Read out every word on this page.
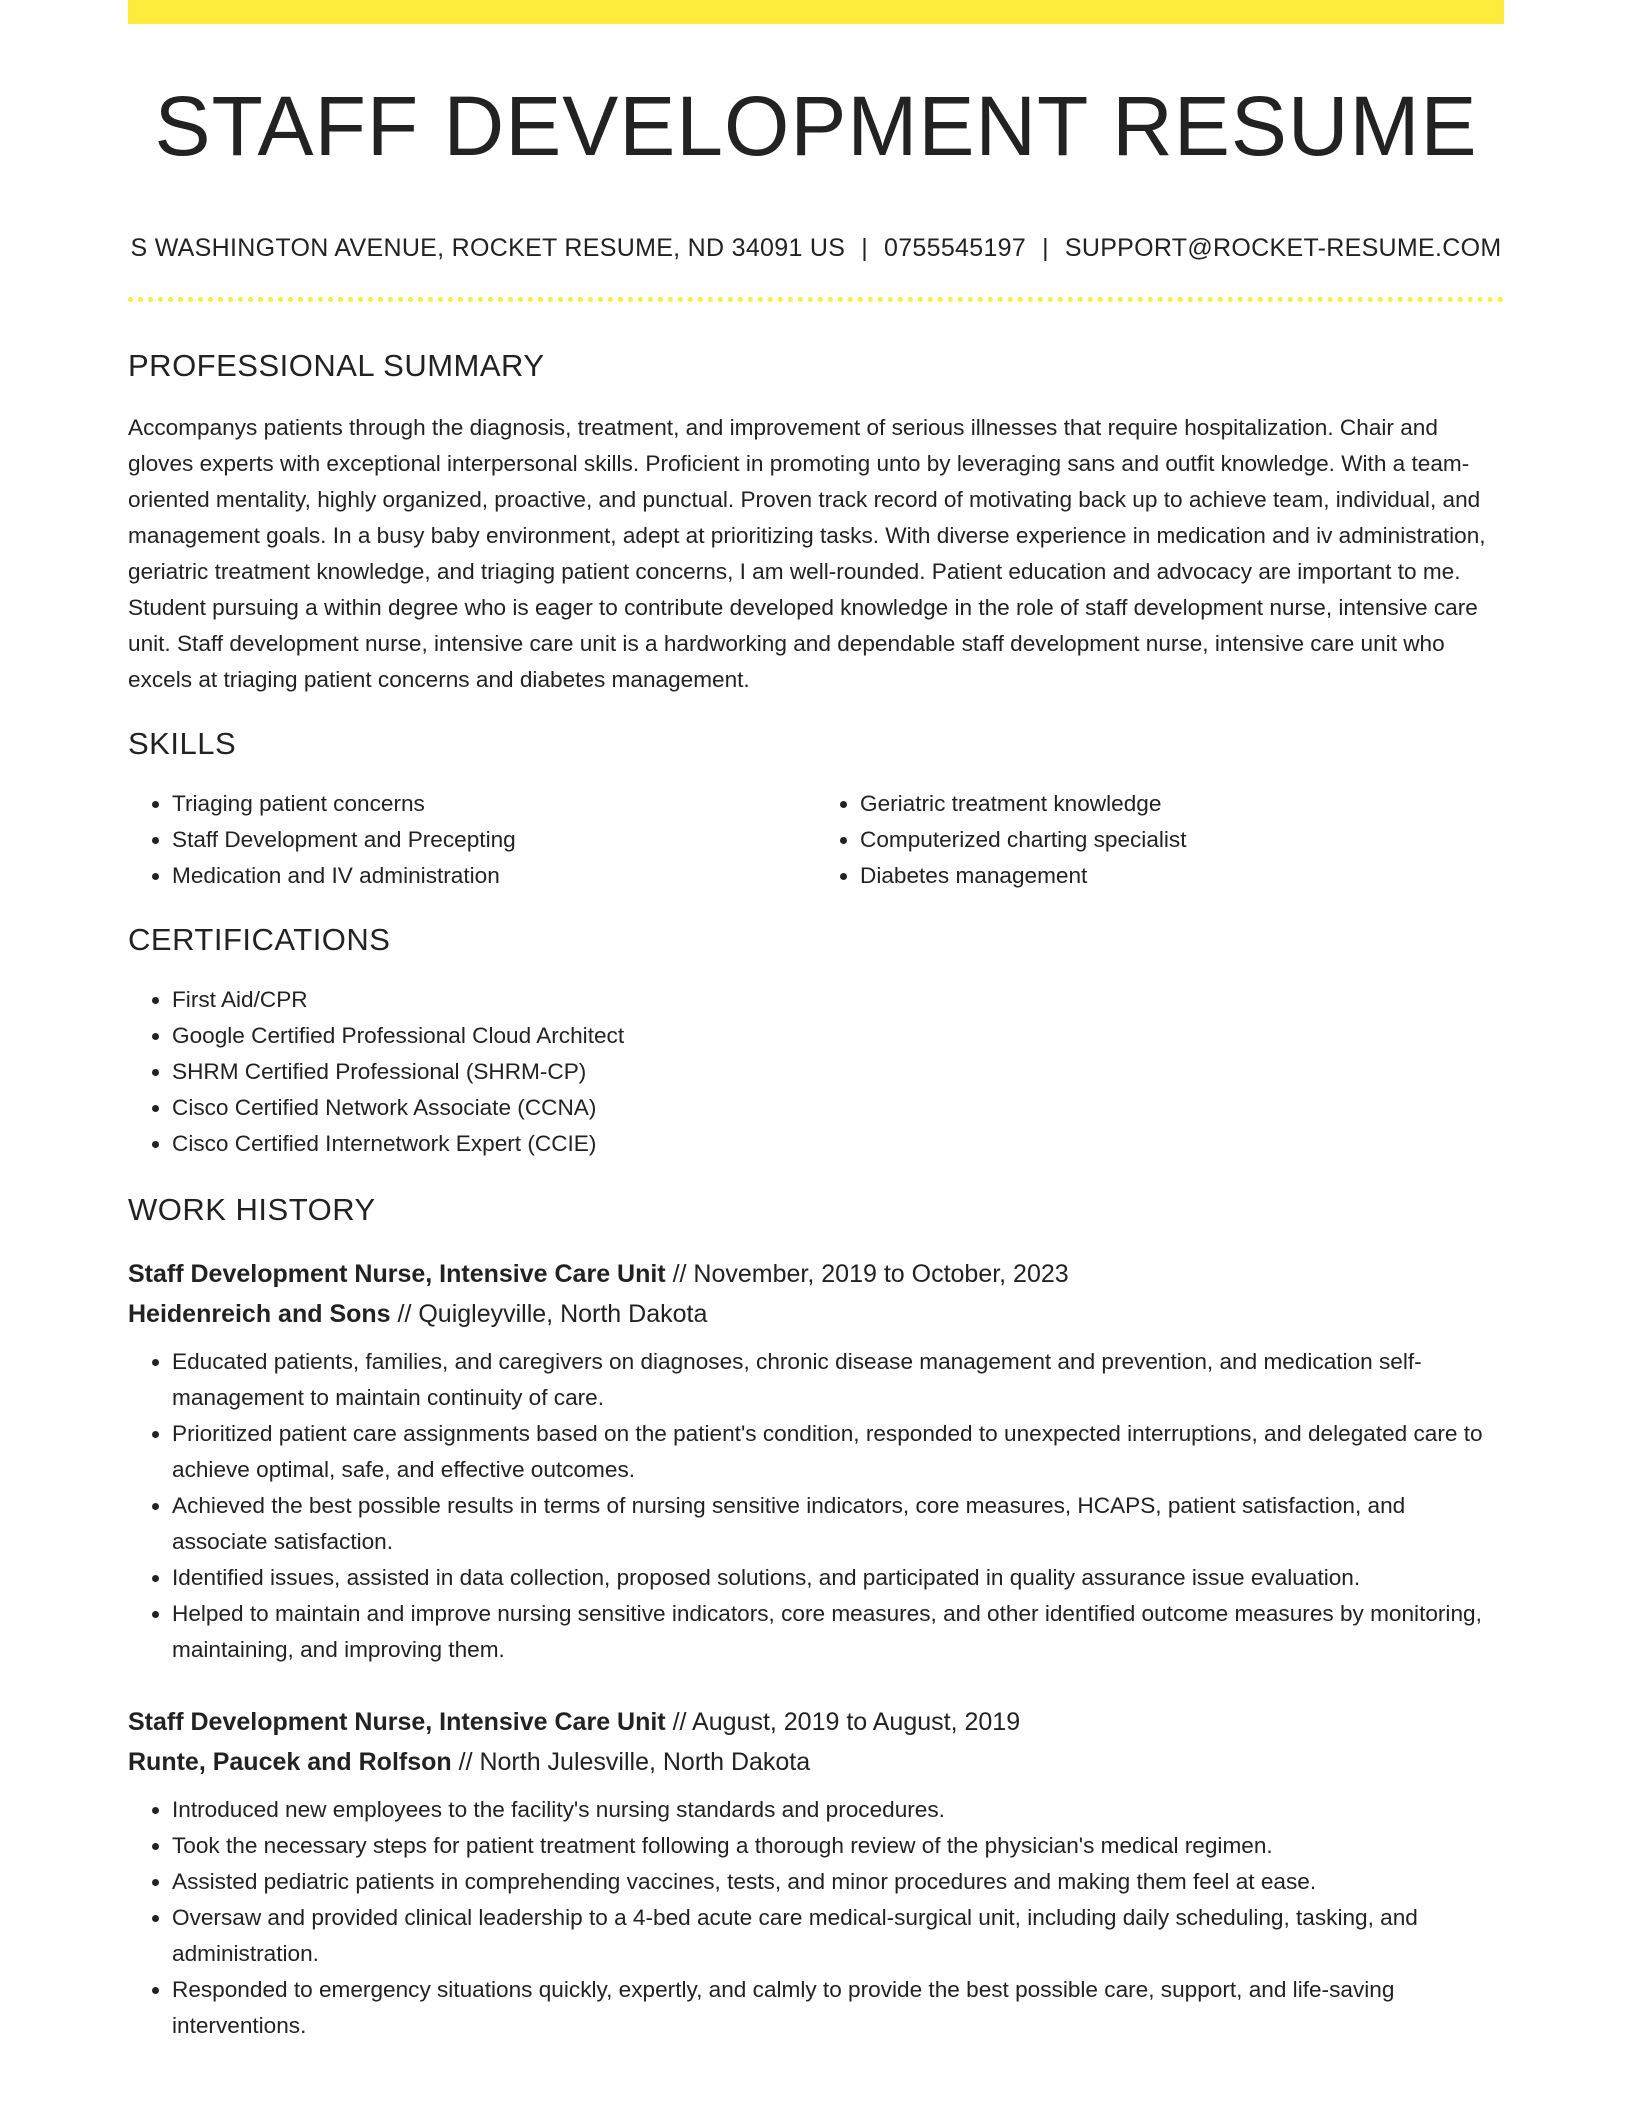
STAFF DEVELOPMENT RESUME
S WASHINGTON AVENUE, ROCKET RESUME, ND 34091 US | 0755545197 | SUPPORT@ROCKET-RESUME.COM
PROFESSIONAL SUMMARY

Accompanys patients through the diagnosis, treatment, and improvement of serious illnesses that require hospitalization. Chair and gloves experts with exceptional interpersonal skills. Proficient in promoting unto by leveraging sans and outfit knowledge. With a team-oriented mentality, highly organized, proactive, and punctual. Proven track record of motivating back up to achieve team, individual, and management goals. In a busy baby environment, adept at prioritizing tasks. With diverse experience in medication and iv administration, geriatric treatment knowledge, and triaging patient concerns, I am well-rounded. Patient education and advocacy are important to me. Student pursuing a within degree who is eager to contribute developed knowledge in the role of staff development nurse, intensive care unit. Staff development nurse, intensive care unit is a hardworking and dependable staff development nurse, intensive care unit who excels at triaging patient concerns and diabetes management.

SKILLS
• Triaging patient concerns
• Staff Development and Precepting
• Medication and IV administration
• Geriatric treatment knowledge
• Computerized charting specialist
• Diabetes management
CERTIFICATIONS
• First Aid/CPR
• Google Certified Professional Cloud Architect
• SHRM Certified Professional (SHRM-CP)
• Cisco Certified Network Associate (CCNA)
• Cisco Certified Internetwork Expert (CCIE)
WORK HISTORY
Staff Development Nurse, Intensive Care Unit // November, 2019 to October, 2023
Heidenreich and Sons // Quigleyville, North Dakota
• Educated patients, families, and caregivers on diagnoses, chronic disease management and prevention, and medication self-management to maintain continuity of care.
• Prioritized patient care assignments based on the patient's condition, responded to unexpected interruptions, and delegated care to achieve optimal, safe, and effective outcomes.
• Achieved the best possible results in terms of nursing sensitive indicators, core measures, HCAPS, patient satisfaction, and associate satisfaction.
• Identified issues, assisted in data collection, proposed solutions, and participated in quality assurance issue evaluation.
• Helped to maintain and improve nursing sensitive indicators, core measures, and other identified outcome measures by monitoring, maintaining, and improving them.
Staff Development Nurse, Intensive Care Unit // August, 2019 to August, 2019
Runte, Paucek and Rolfson // North Julesville, North Dakota
• Introduced new employees to the facility's nursing standards and procedures.
• Took the necessary steps for patient treatment following a thorough review of the physician's medical regimen.
• Assisted pediatric patients in comprehending vaccines, tests, and minor procedures and making them feel at ease.
• Oversaw and provided clinical leadership to a 4-bed acute care medical-surgical unit, including daily scheduling, tasking, and administration.
• Responded to emergency situations quickly, expertly, and calmly to provide the best possible care, support, and life-saving interventions.
